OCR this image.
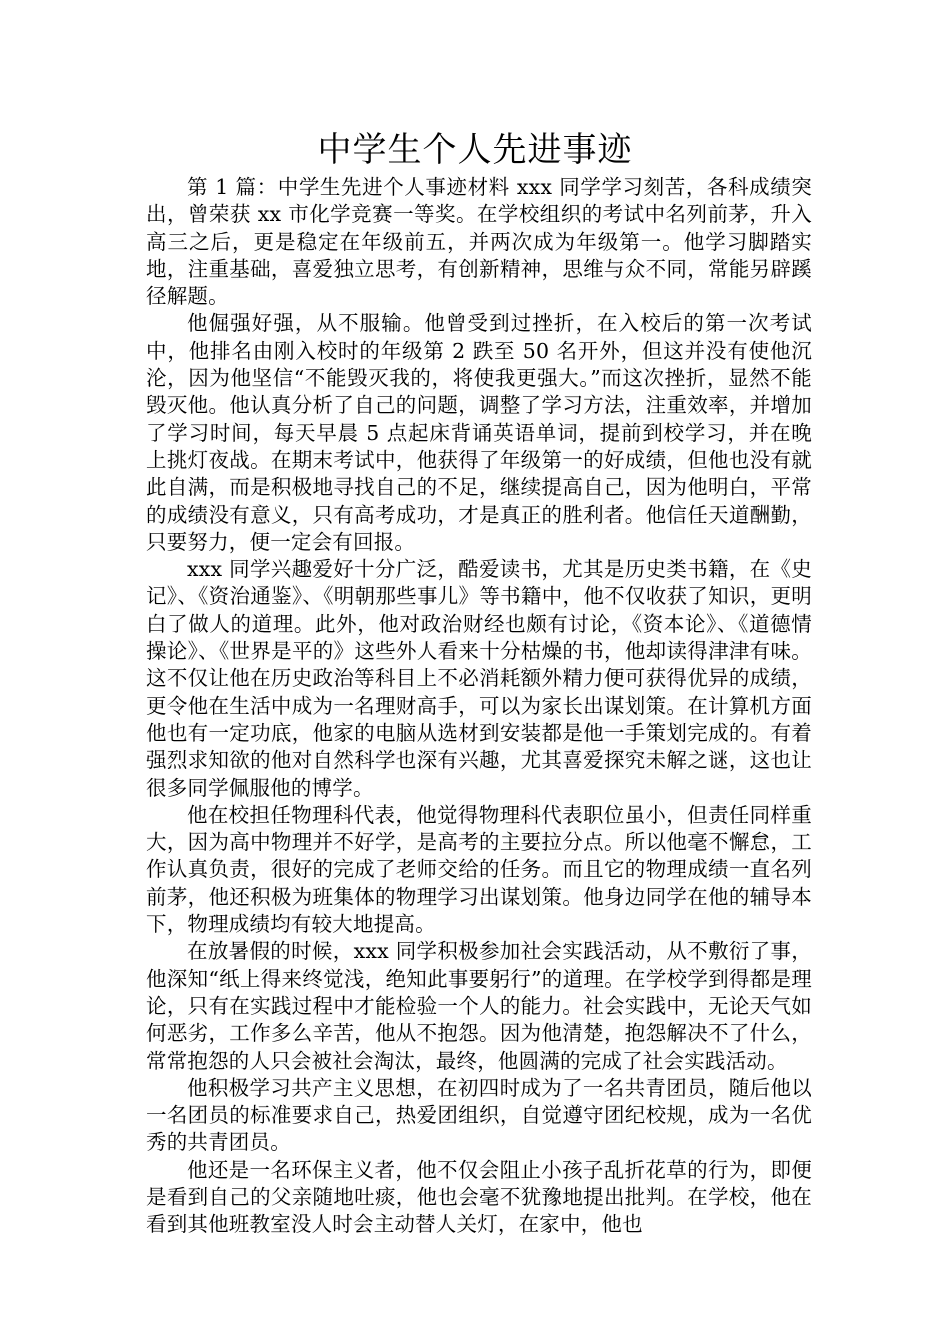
中学生个人先进事迹

第 1 篇：中学生先进个人事迹材料 xxx 同学学习刻苦，各科成绩突出，曾荣获 xx 市化学竞赛一等奖。在学校组织的考试中名列前茅，升入高三之后，更是稳定在年级前五，并两次成为年级第一。他学习脚踏实地，注重基础，喜爱独立思考，有创新精神，思维与众不同，常能另辟蹊径解题。

他倔强好强，从不服输。他曾受到过挫折，在入校后的第一次考试中，他排名由刚入校时的年级第 2 跌至 50 名开外，但这并没有使他沉沦，因为他坚信“不能毁灭我的，将使我更强大。”而这次挫折，显然不能毁灭他。他认真分析了自己的问题，调整了学习方法，注重效率，并增加了学习时间，每天早晨 5 点起床背诵英语单词，提前到校学习，并在晚上挑灯夜战。在期末考试中，他获得了年级第一的好成绩，但他也没有就此自满，而是积极地寻找自己的不足，继续提高自己，因为他明白，平常的成绩没有意义，只有高考成功，才是真正的胜利者。他信任天道酬勤，只要努力，便一定会有回报。

xxx 同学兴趣爱好十分广泛，酷爱读书，尤其是历史类书籍，在《史记》、《资治通鉴》、《明朝那些事儿》等书籍中，他不仅收获了知识，更明白了做人的道理。此外，他对政治财经也颇有讨论，《资本论》、《道德情操论》、《世界是平的》这些外人看来十分枯燥的书，他却读得津津有味。这不仅让他在历史政治等科目上不必消耗额外精力便可获得优异的成绩，更令他在生活中成为一名理财高手，可以为家长出谋划策。在计算机方面他也有一定功底，他家的电脑从选材到安装都是他一手策划完成的。有着强烈求知欲的他对自然科学也深有兴趣，尤其喜爱探究未解之谜，这也让很多同学佩服他的博学。

他在校担任物理科代表，他觉得物理科代表职位虽小，但责任同样重大，因为高中物理并不好学，是高考的主要拉分点。所以他毫不懈怠，工作认真负责，很好的完成了老师交给的任务。而且它的物理成绩一直名列前茅，他还积极为班集体的物理学习出谋划策。他身边同学在他的辅导本下，物理成绩均有较大地提高。

在放暑假的时候，xxx 同学积极参加社会实践活动，从不敷衍了事，他深知“纸上得来终觉浅，绝知此事要躬行”的道理。在学校学到得都是理论，只有在实践过程中才能检验一个人的能力。社会实践中，无论天气如何恶劣，工作多么辛苦，他从不抱怨。因为他清楚，抱怨解决不了什么，常常抱怨的人只会被社会淘汰，最终，他圆满的完成了社会实践活动。

他积极学习共产主义思想，在初四时成为了一名共青团员，随后他以一名团员的标准要求自己，热爱团组织，自觉遵守团纪校规，成为一名优秀的共青团员。

他还是一名环保主义者，他不仅会阻止小孩子乱折花草的行为，即便是看到自己的父亲随地吐痰，他也会毫不犹豫地提出批判。在学校，他在看到其他班教室没人时会主动替人关灯，在家中，他也
